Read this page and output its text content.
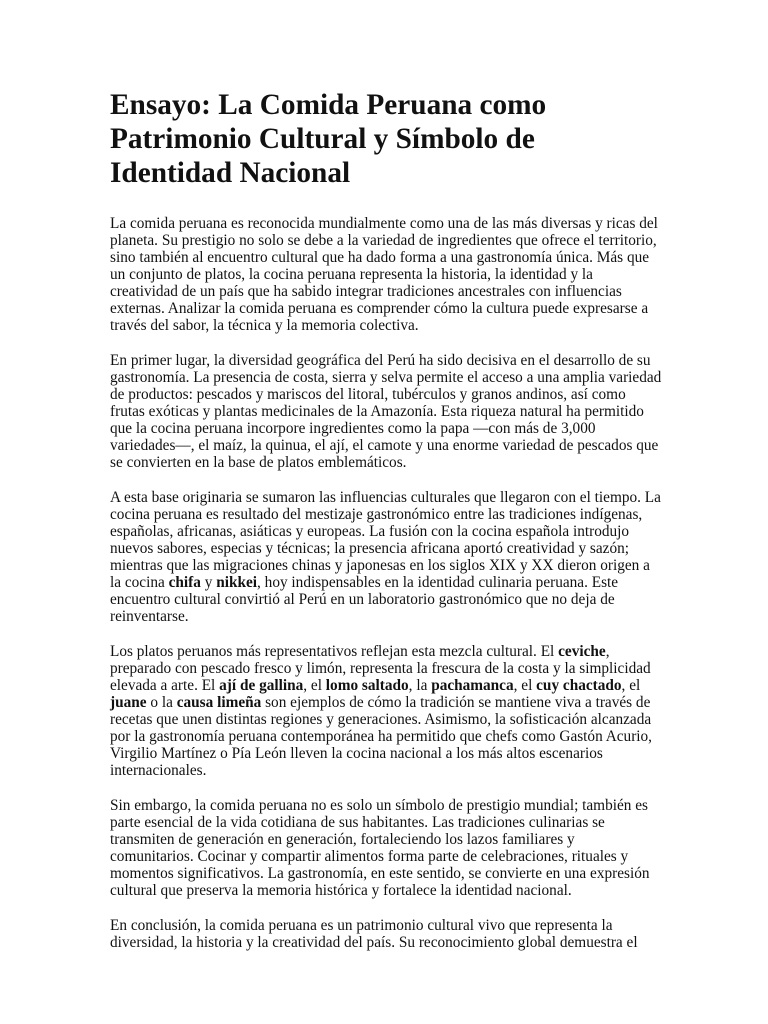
Ensayo: La Comida Peruana como Patrimonio Cultural y Símbolo de Identidad Nacional

La comida peruana es reconocida mundialmente como una de las más diversas y ricas del planeta. Su prestigio no solo se debe a la variedad de ingredientes que ofrece el territorio, sino también al encuentro cultural que ha dado forma a una gastronomía única. Más que un conjunto de platos, la cocina peruana representa la historia, la identidad y la creatividad de un país que ha sabido integrar tradiciones ancestrales con influencias externas. Analizar la comida peruana es comprender cómo la cultura puede expresarse a través del sabor, la técnica y la memoria colectiva.

En primer lugar, la diversidad geográfica del Perú ha sido decisiva en el desarrollo de su gastronomía. La presencia de costa, sierra y selva permite el acceso a una amplia variedad de productos: pescados y mariscos del litoral, tubérculos y granos andinos, así como frutas exóticas y plantas medicinales de la Amazonía. Esta riqueza natural ha permitido que la cocina peruana incorpore ingredientes como la papa —con más de 3,000 variedades—, el maíz, la quinua, el ají, el camote y una enorme variedad de pescados que se convierten en la base de platos emblemáticos.

A esta base originaria se sumaron las influencias culturales que llegaron con el tiempo. La cocina peruana es resultado del mestizaje gastronómico entre las tradiciones indígenas, españolas, africanas, asiáticas y europeas. La fusión con la cocina española introdujo nuevos sabores, especias y técnicas; la presencia africana aportó creatividad y sazón; mientras que las migraciones chinas y japonesas en los siglos XIX y XX dieron origen a la cocina chifa y nikkei, hoy indispensables en la identidad culinaria peruana. Este encuentro cultural convirtió al Perú en un laboratorio gastronómico que no deja de reinventarse.

Los platos peruanos más representativos reflejan esta mezcla cultural. El ceviche, preparado con pescado fresco y limón, representa la frescura de la costa y la simplicidad elevada a arte. El ají de gallina, el lomo saltado, la pachamanca, el cuy chactado, el juane o la causa limeña son ejemplos de cómo la tradición se mantiene viva a través de recetas que unen distintas regiones y generaciones. Asimismo, la sofisticación alcanzada por la gastronomía peruana contemporánea ha permitido que chefs como Gastón Acurio, Virgilio Martínez o Pía León lleven la cocina nacional a los más altos escenarios internacionales.

Sin embargo, la comida peruana no es solo un símbolo de prestigio mundial; también es parte esencial de la vida cotidiana de sus habitantes. Las tradiciones culinarias se transmiten de generación en generación, fortaleciendo los lazos familiares y comunitarios. Cocinar y compartir alimentos forma parte de celebraciones, rituales y momentos significativos. La gastronomía, en este sentido, se convierte en una expresión cultural que preserva la memoria histórica y fortalece la identidad nacional.

En conclusión, la comida peruana es un patrimonio cultural vivo que representa la diversidad, la historia y la creatividad del país. Su reconocimiento global demuestra el
